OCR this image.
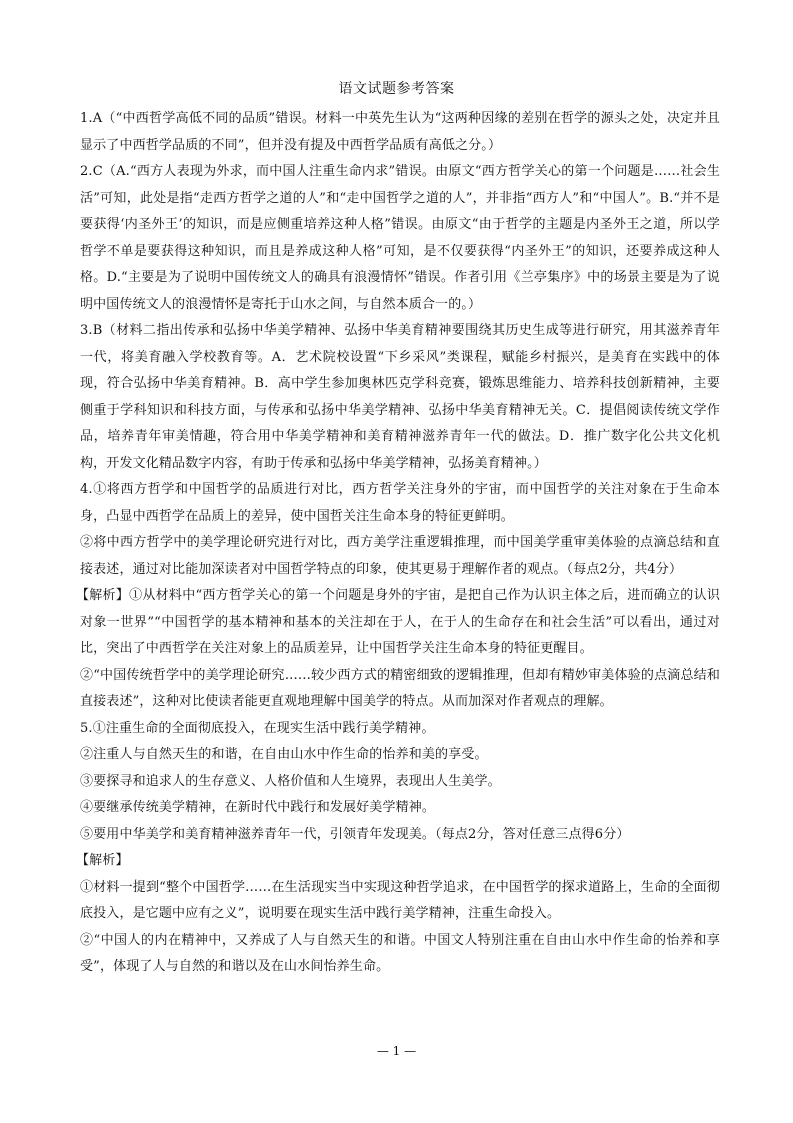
语文试题参考答案

1.A（“中西哲学高低不同的品质”错误。材料一中英先生认为“这两种因缘的差别在哲学的源头之处，决定并且显示了中西哲学品质的不同”，但并没有提及中西哲学品质有高低之分。）

2.C（A.“西方人表现为外求，而中国人注重生命内求”错误。由原文“西方哲学关心的第一个问题是……社会生活”可知，此处是指“走西方哲学之道的人”和“走中国哲学之道的人”，并非指“西方人”和“中国人”。B.“并不是要获得‘内圣外王’的知识，而是应侧重培养这种人格”错误。由原文“由于哲学的主题是内圣外王之道，所以学哲学不单是要获得这种知识，而且是养成这种人格”可知，是不仅要获得“内圣外王”的知识，还要养成这种人格。D.“主要是为了说明中国传统文人的确具有浪漫情怀”错误。作者引用《兰亭集序》中的场景主要是为了说明中国传统文人的浪漫情怀是寄托于山水之间，与自然本质合一的。）

3.B（材料二指出传承和弘扬中华美学精神、弘扬中华美育精神要围绕其历史生成等进行研究，用其滋养青年一代，将美育融入学校教育等。A．艺术院校设置“下乡采风”类课程，赋能乡村振兴，是美育在实践中的体现，符合弘扬中华美育精神。B．高中学生参加奥林匹克学科竞赛，锻炼思维能力、培养科技创新精神，主要侧重于学科知识和科技方面，与传承和弘扬中华美学精神、弘扬中华美育精神无关。C．提倡阅读传统文学作品，培养青年审美情趣，符合用中华美学精神和美育精神滋养青年一代的做法。D．推广数字化公共文化机构，开发文化精品数字内容，有助于传承和弘扬中华美学精神，弘扬美育精神。）

4.①将西方哲学和中国哲学的品质进行对比，西方哲学关注身外的宇宙，而中国哲学的关注对象在于生命本身，凸显中西哲学在品质上的差异，使中国哲关注生命本身的特征更鲜明。

②将中西方哲学中的美学理论研究进行对比，西方美学注重逻辑推理，而中国美学重审美体验的点滴总结和直接表述，通过对比能加深读者对中国哲学特点的印象，使其更易于理解作者的观点。（每点2分，共4分）

【解析】①从材料中“西方哲学关心的第一个问题是身外的宇宙，是把自己作为认识主体之后，进而确立的认识对象一世界”“中国哲学的基本精神和基本的关注却在于人，在于人的生命存在和社会生活”可以看出，通过对比，突出了中西哲学在关注对象上的品质差异，让中国哲学关注生命本身的特征更醒目。

②“中国传统哲学中的美学理论研究……较少西方式的精密细致的逻辑推理，但却有精妙审美体验的点滴总结和直接表述”，这种对比使读者能更直观地理解中国美学的特点。从而加深对作者观点的理解。

5.①注重生命的全面彻底投入，在现实生活中践行美学精神。

②注重人与自然天生的和谐，在自由山水中作生命的怡养和美的享受。

③要探寻和追求人的生存意义、人格价值和人生境界，表现出人生美学。

④要继承传统美学精神，在新时代中践行和发展好美学精神。

⑤要用中华美学和美育精神滋养青年一代，引领青年发现美。（每点2分，答对任意三点得6分）

【解析】

①材料一提到“整个中国哲学……在生活现实当中实现这种哲学追求，在中国哲学的探求道路上，生命的全面彻底投入，是它题中应有之义”，说明要在现实生活中践行美学精神，注重生命投入。

②“中国人的内在精神中，又养成了人与自然天生的和谐。中国文人特别注重在自由山水中作生命的怡养和享受”，体现了人与自然的和谐以及在山水间怡养生命。

— 1 —
